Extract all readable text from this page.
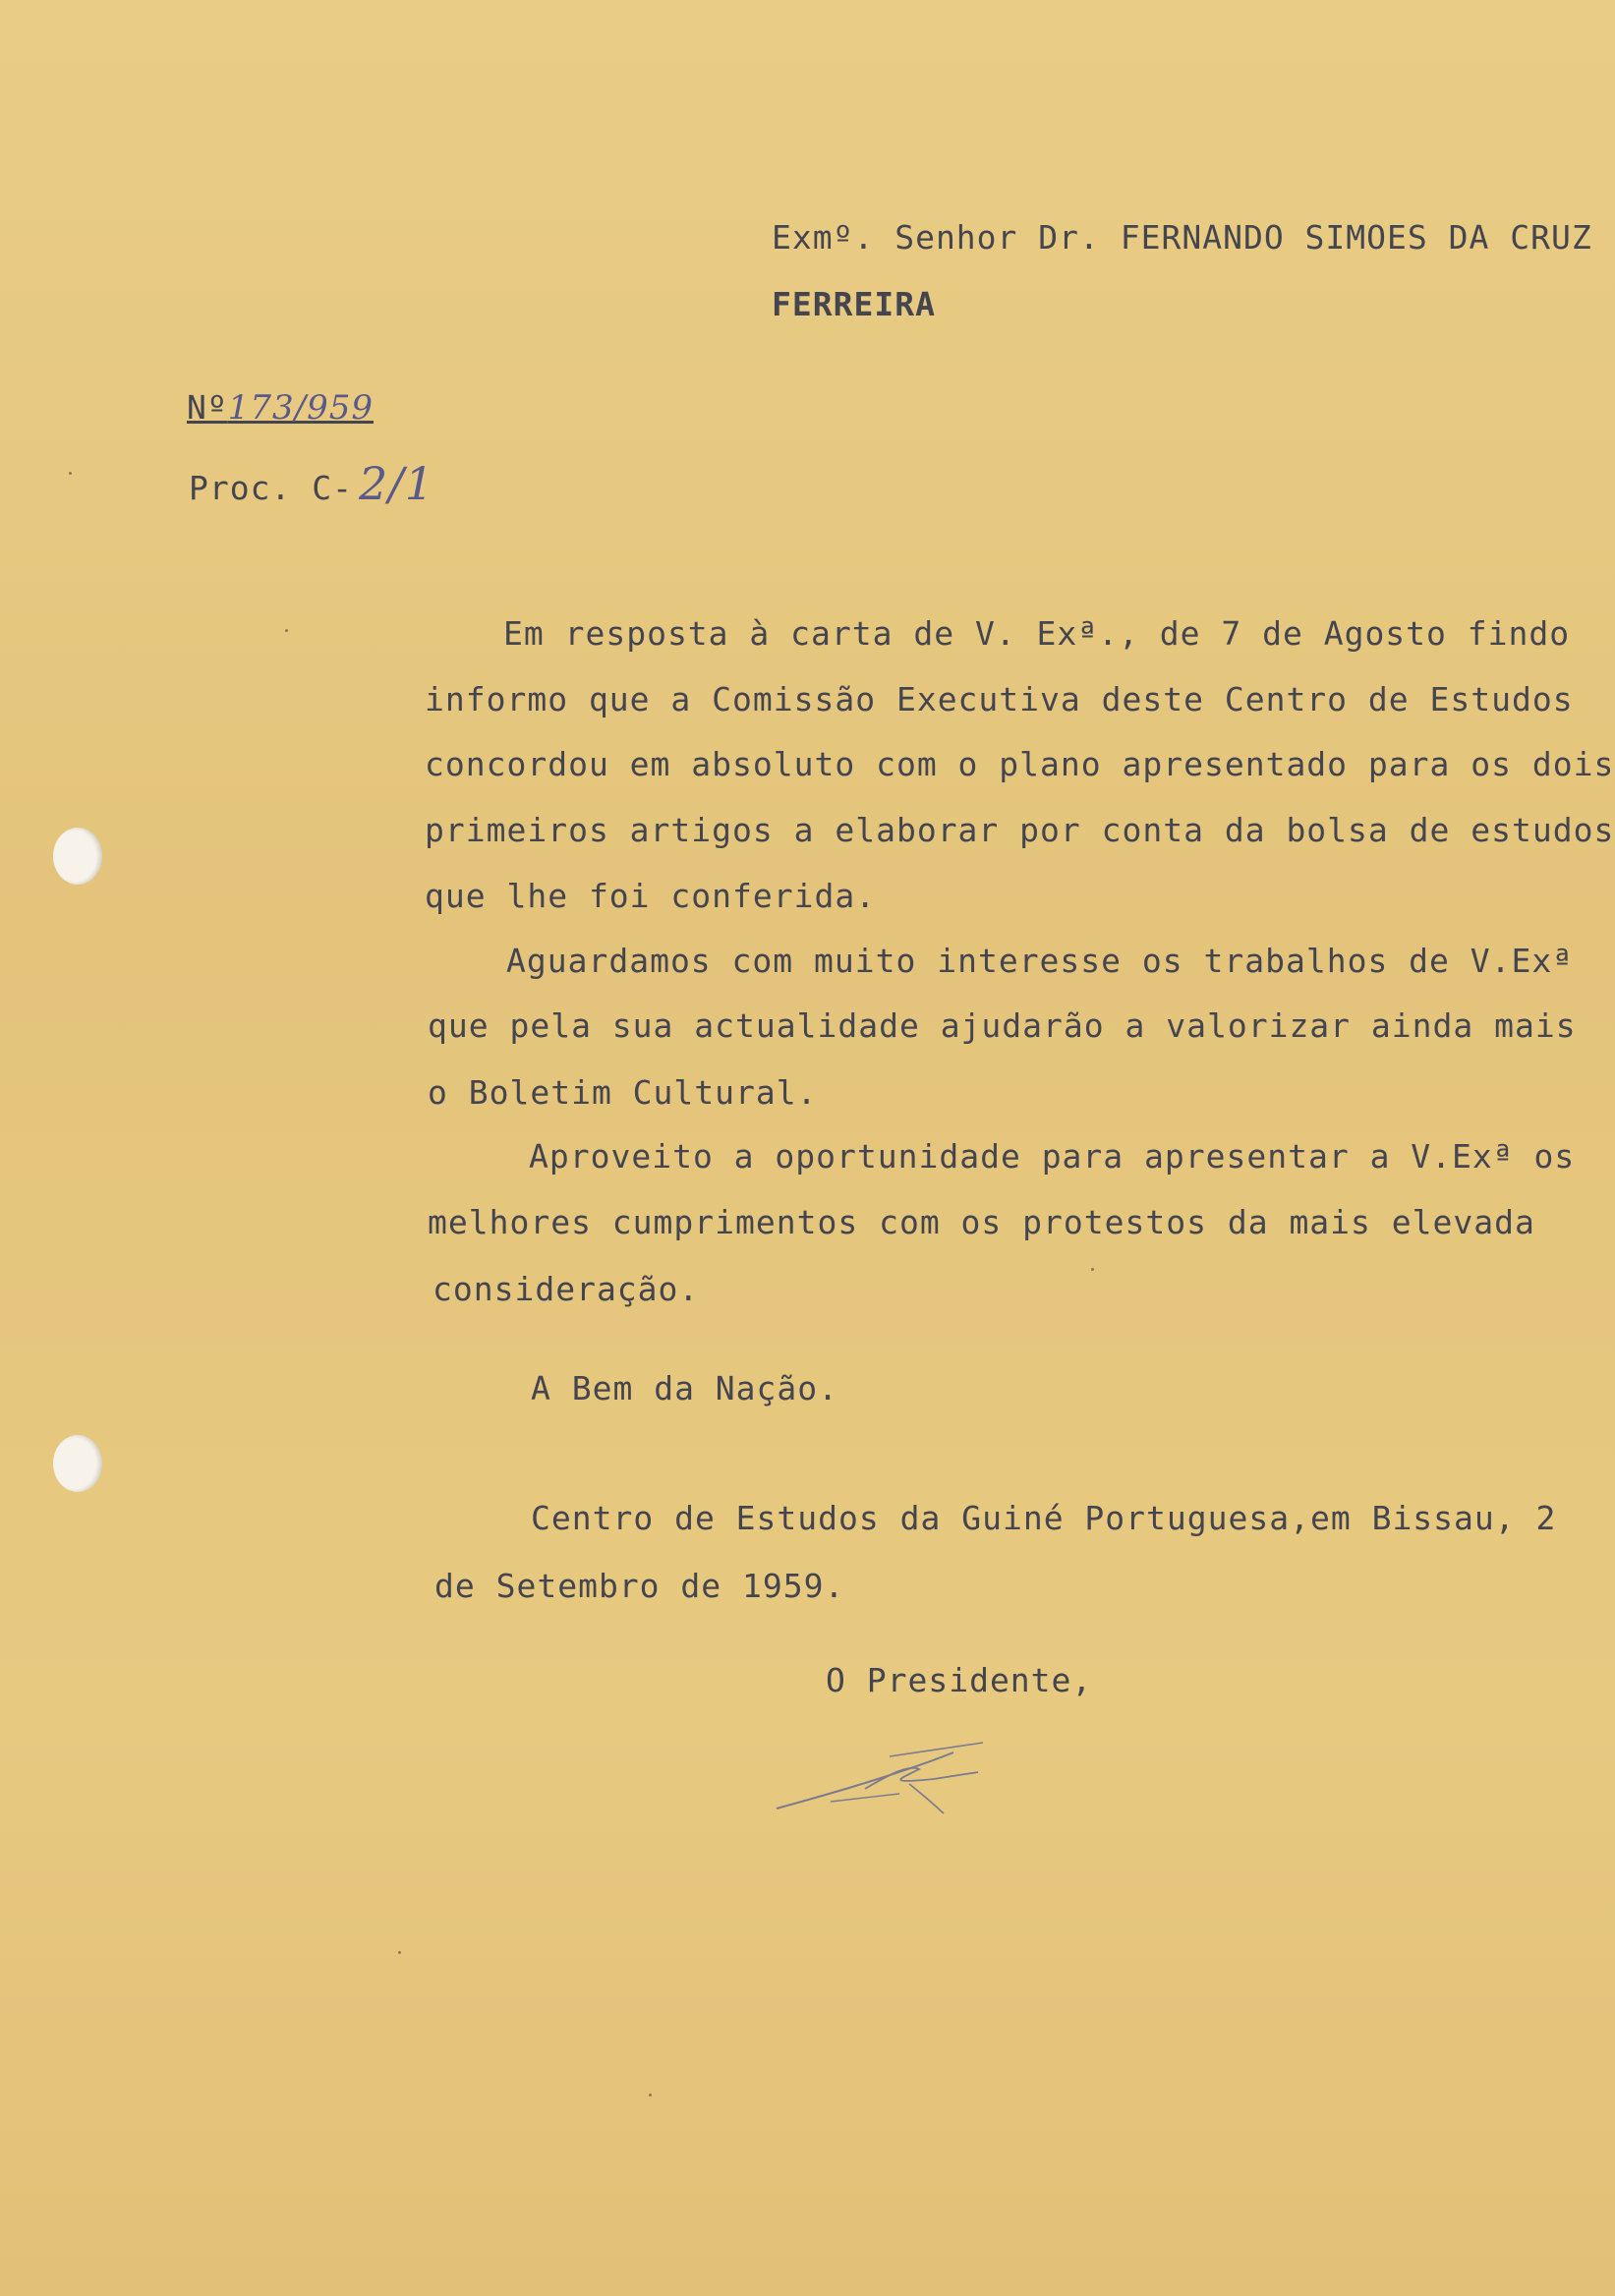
Exmº. Senhor Dr. FERNANDO SIMOES DA CRUZ
FERREIRA
Nº173/959
Proc. C- 2/1
Em resposta à carta de V. Exª., de 7 de Agosto findo
informo que a Comissão Executiva deste Centro de Estudos
concordou em absoluto com o plano apresentado para os dois
primeiros artigos a elaborar por conta da bolsa de estudos
que lhe foi conferida.
Aguardamos com muito interesse os trabalhos de V.Exª
que pela sua actualidade ajudarão a valorizar ainda mais
o Boletim Cultural.
Aproveito a oportunidade para apresentar a V.Exª os
melhores cumprimentos com os protestos da mais elevada
consideração.
A Bem da Nação.
Centro de Estudos da Guiné Portuguesa,em Bissau, 2
de Setembro de 1959.
O Presidente,
